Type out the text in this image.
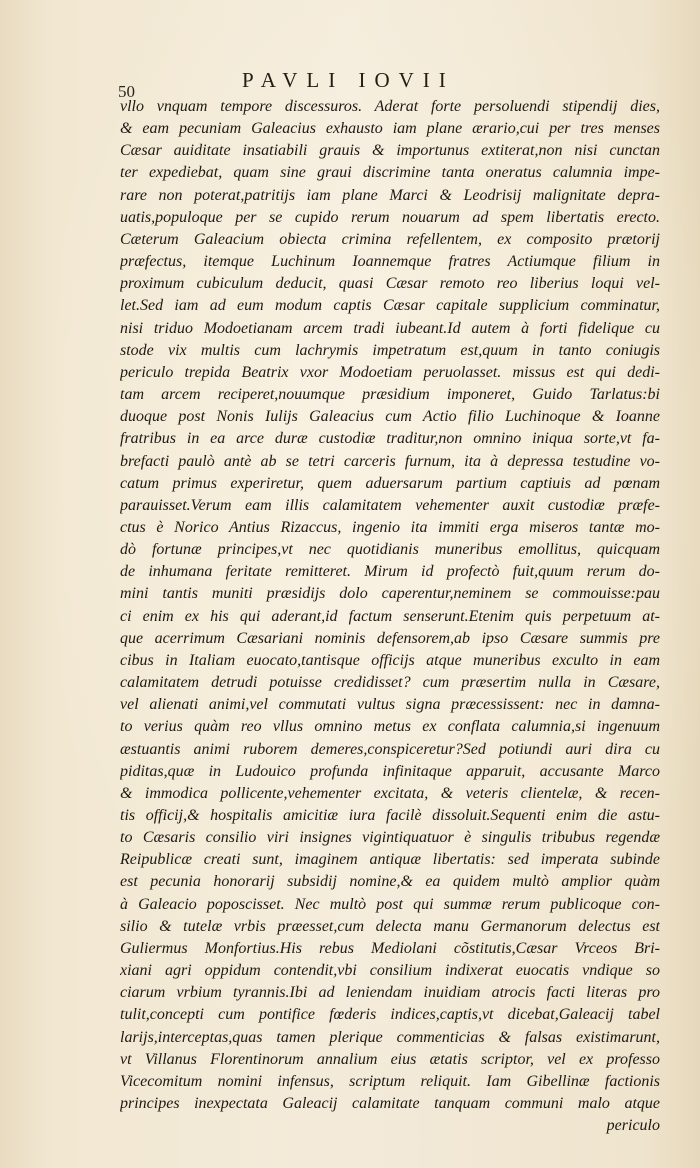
50	PAVLI IOVII
vllo vnquam tempore discessuros. Aderat forte persoluendi stipendij dies,
& eam pecuniam Galeacius exhausto iam plane ærario,cui per tres menses
Cæsar auiditate insatiabili grauis & importunus extiterat,non nisi cunctan
ter expediebat, quam sine graui discrimine tanta oneratus calumnia impe-
rare non poterat,patritijs iam plane Marci & Leodrisij malignitate depra-
uatis,populoque per se cupido rerum nouarum ad spem libertatis erecto.
Cæterum Galeacium obiecta crimina refellentem, ex composito prætorij
præfectus, itemque Luchinum Ioannemque fratres Actiumque filium in
proximum cubiculum deducit, quasi Cæsar remoto reo liberius loqui vel-
let.Sed iam ad eum modum captis Cæsar capitale supplicium comminatur,
nisi triduo Modoetianam arcem tradi iubeant.Id autem à forti fidelique cu
stode vix multis cum lachrymis impetratum est,quum in tanto coniugis
periculo trepida Beatrix vxor Modoetiam peruolasset. missus est qui dedi-
tam arcem reciperet,nouumque præsidium imponeret, Guido Tarlatus:bi
duoque post Nonis Iulijs Galeacius cum Actio filio Luchinoque & Ioanne
fratribus in ea arce duræ custodiæ traditur,non omnino iniqua sorte,vt fa-
brefacti paulò antè ab se tetri carceris furnum, ita à depressa testudine vo-
catum primus experiretur, quem aduersarum partium captiuis ad pœnam
parauisset.Verum eam illis calamitatem vehementer auxit custodiæ præfe-
ctus è Norico Antius Rizaccus, ingenio ita immiti erga miseros tantæ mo-
dò fortunæ principes,vt nec quotidianis muneribus emollitus, quicquam
de inhumana feritate remitteret. Mirum id profectò fuit,quum rerum do-
mini tantis muniti præsidijs dolo caperentur,neminem se commouisse:pau
ci enim ex his qui aderant,id factum senserunt.Etenim quis perpetuum at-
que acerrimum Cæsariani nominis defensorem,ab ipso Cæsare summis pre
cibus in Italiam euocato,tantisque officijs atque muneribus exculto in eam
calamitatem detrudi potuisse credidisset? cum præsertim nulla in Cæsare,
vel alienati animi,vel commutati vultus signa præcessissent: nec in damna-
to verius quàm reo vllus omnino metus ex conflata calumnia,si ingenuum
æstuantis animi ruborem demeres,conspiceretur?Sed potiundi auri dira cu
piditas,quæ in Ludouico profunda infinitaque apparuit, accusante Marco
& immodica pollicente,vehementer excitata, & veteris clientelæ, & recen-
tis officij,& hospitalis amicitiæ iura facilè dissoluit.Sequenti enim die astu-
to Cæsaris consilio viri insignes vigintiquatuor è singulis tribubus regendæ
Reipublicæ creati sunt, imaginem antiquæ libertatis: sed imperata subinde
est pecunia honorarij subsidij nomine,& ea quidem multò amplior quàm
à Galeacio poposcisset. Nec multò post qui summæ rerum publicoque con-
silio & tutelæ vrbis præesset,cum delecta manu Germanorum delectus est
Guliermus Monfortius.His rebus Mediolani cõstitutis,Cæsar Vrceos Bri-
xiani agri oppidum contendit,vbi consilium indixerat euocatis vndique so
ciarum vrbium tyrannis.Ibi ad leniendam inuidiam atrocis facti literas pro
tulit,concepti cum pontifice fœderis indices,captis,vt dicebat,Galeacij tabel
larijs,interceptas,quas tamen plerique commenticias & falsas existimarunt,
vt Villanus Florentinorum annalium eius ætatis scriptor, vel ex professo
Vicecomitum nomini infensus, scriptum reliquit. Iam Gibellinæ factionis
principes inexpectata Galeacij calamitate tanquam communi malo atque
periculo
